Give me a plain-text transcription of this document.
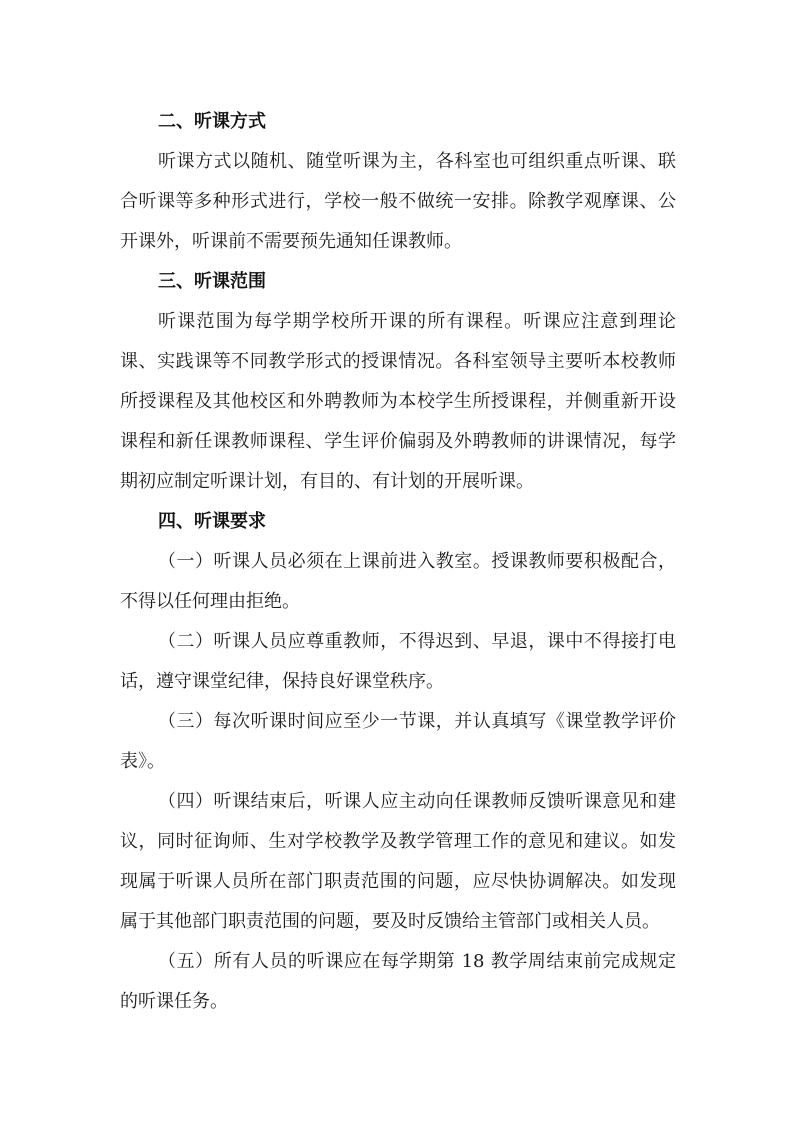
二、听课方式

听课方式以随机、随堂听课为主，各科室也可组织重点听课、联合听课等多种形式进行，学校一般不做统一安排。除教学观摩课、公开课外，听课前不需要预先通知任课教师。

三、听课范围

听课范围为每学期学校所开课的所有课程。听课应注意到理论课、实践课等不同教学形式的授课情况。各科室领导主要听本校教师所授课程及其他校区和外聘教师为本校学生所授课程，并侧重新开设课程和新任课教师课程、学生评价偏弱及外聘教师的讲课情况，每学期初应制定听课计划，有目的、有计划的开展听课。

四、听课要求

（一）听课人员必须在上课前进入教室。授课教师要积极配合，不得以任何理由拒绝。

（二）听课人员应尊重教师，不得迟到、早退，课中不得接打电话，遵守课堂纪律，保持良好课堂秩序。

（三）每次听课时间应至少一节课，并认真填写《课堂教学评价表》。

（四）听课结束后，听课人应主动向任课教师反馈听课意见和建议，同时征询师、生对学校教学及教学管理工作的意见和建议。如发现属于听课人员所在部门职责范围的问题，应尽快协调解决。如发现属于其他部门职责范围的问题，要及时反馈给主管部门或相关人员。

（五）所有人员的听课应在每学期第 18 教学周结束前完成规定的听课任务。
